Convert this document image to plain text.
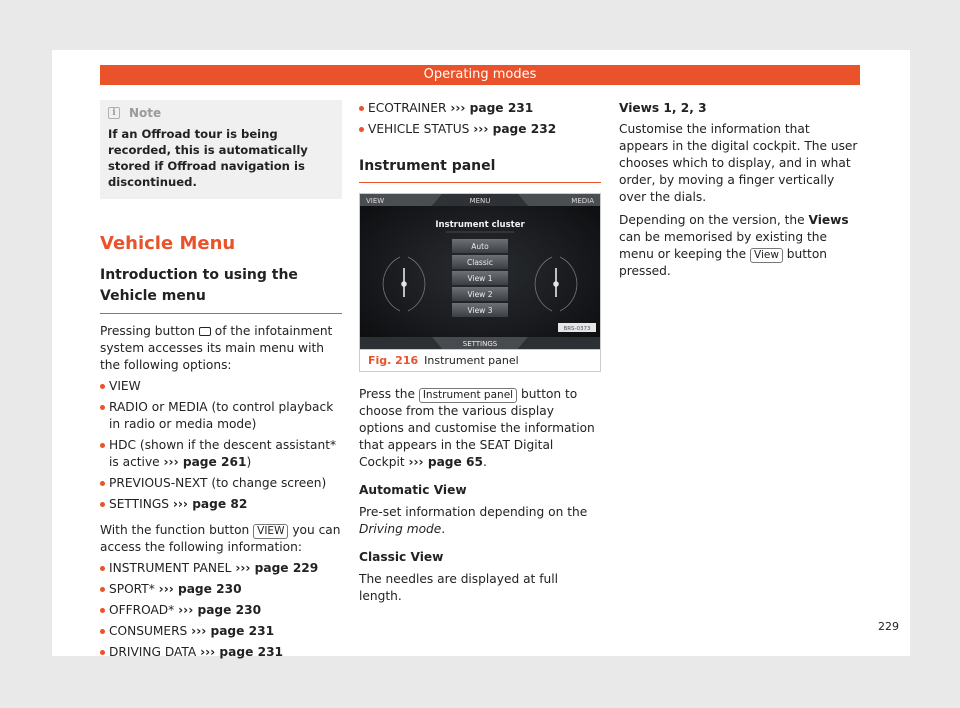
Operating modes
i	Note
If an Offroad tour is being recorded, this is automatically stored if Offroad navigation is discontinued.
Vehicle Menu
Introduction to using the Vehicle menu

Pressing button of the infotainment system accesses its main menu with the following options:

VIEW
RADIO or MEDIA (to control playback in radio or media mode)
HDC (shown if the descent assistant* is active ››› page 261)
PREVIOUS-NEXT (to change screen)
SETTINGS ››› page 82

With the function button VIEW you can access the following information:

INSTRUMENT PANEL ››› page 229
SPORT* ››› page 230
OFFROAD* ››› page 230
CONSUMERS ››› page 231
DRIVING DATA ››› page 231
ECOTRAINER ››› page 231
VEHICLE STATUS ››› page 232
Instrument panel
VIEW	MENU	MEDIA
Instrument cluster
Auto
Classic
View 1
View 2
View 3
SETTINGS
BRS-0373
Fig. 216 Instrument panel

Press the Instrument panel button to choose from the various display options and customise the information that appears in the SEAT Digital Cockpit ››› page 65.

Automatic View

Pre-set information depending on the Driving mode.

Classic View

The needles are displayed at full length.

Views 1, 2, 3

Customise the information that appears in the digital cockpit. The user chooses which to display, and in what order, by moving a finger vertically over the dials.

Depending on the version, the Views can be memorised by existing the menu or keeping the View button pressed.

229
